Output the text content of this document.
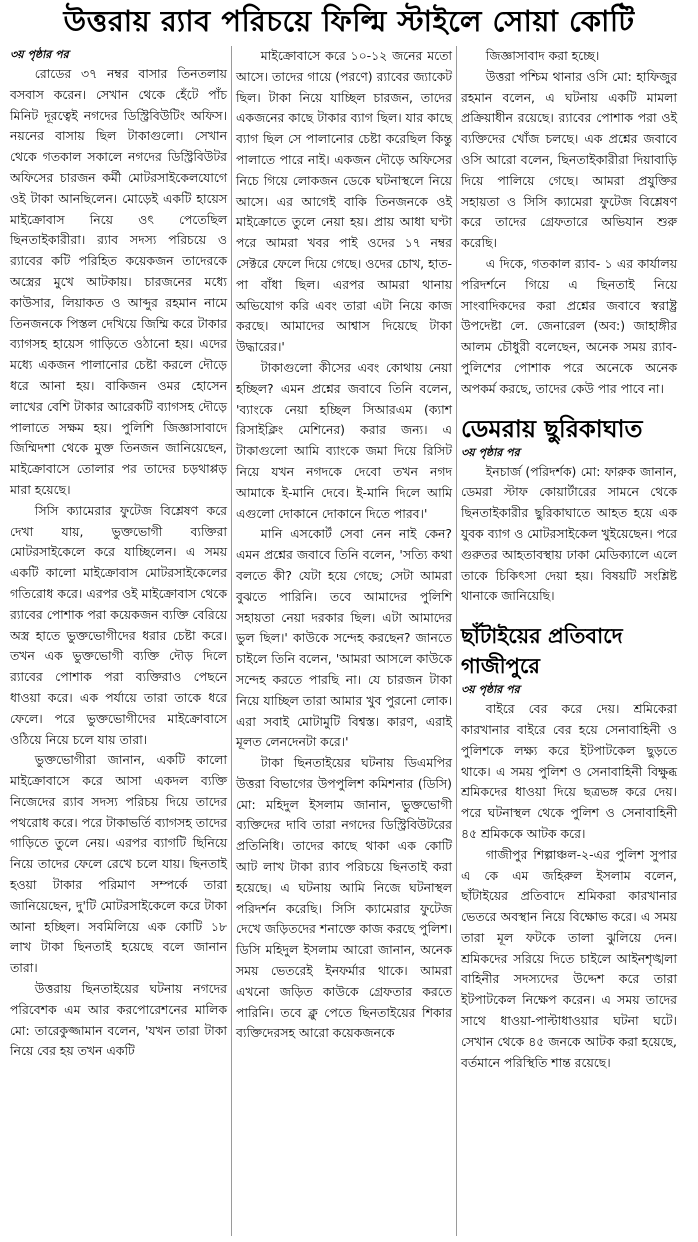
উত্তরায় র‍্যাব পরিচয়ে ফিল্মি স্টাইলে সোয়া কোটি
৩য় পৃষ্ঠার পর

রোডের ৩৭ নম্বর বাসার তিনতলায় বসবাস করেন। সেখান থেকে হেঁটে পাঁচ মিনিট দূরত্বেই নগদের ডিস্ট্রিবিউটিং অফিস। নয়নের বাসায় ছিল টাকাগুলো। সেখান থেকে গতকাল সকালে নগদের ডিস্ট্রিবিউটর অফিসের চারজন কর্মী মোটরসাইকেলযোগে ওই টাকা আনছিলেন। মোড়েই একটি হায়েস মাইক্রোবাস নিয়ে ওৎ পেতেছিল ছিনতাইকারীরা। র‍্যাব সদস্য পরিচয়ে ও র‍্যাবের কটি পরিহিত কয়েকজন তাদেরকে অস্ত্রের মুখে আটকায়। চারজনের মধ্যে কাউসার, লিয়াকত ও আব্দুর রহমান নামে তিনজনকে পিস্তল দেখিয়ে জিম্মি করে টাকার ব্যাগসহ হায়েস গাড়িতে ওঠানো হয়। এদের মধ্যে একজন পালানোর চেষ্টা করলে দৌড়ে ধরে আনা হয়। বাকিজন ওমর হোসেন লাখের বেশি টাকার আরেকটি ব্যাগসহ দৌড়ে পালাতে সক্ষম হয়। পুলিশি জিজ্ঞাসাবাদে জিম্মিদশা থেকে মুক্ত তিনজন জানিয়েছেন, মাইক্রোবাসে তোলার পর তাদের চড়থাপ্পড় মারা হয়েছে।

সিসি ক্যামেরার ফুটেজ বিশ্লেষণ করে দেখা যায়, ভুক্তভোগী ব্যক্তিরা মোটরসাইকেলে করে যাচ্ছিলেন। এ সময় একটি কালো মাইক্রোবাস মোটরসাইকেলের গতিরোধ করে। এরপর ওই মাইক্রোবাস থেকে র‍্যাবের পোশাক পরা কয়েকজন ব্যক্তি বেরিয়ে অস্ত্র হাতে ভুক্তভোগীদের ধরার চেষ্টা করে। তখন এক ভুক্তভোগী ব্যক্তি দৌড় দিলে র‍্যাবের পোশাক পরা ব্যক্তিরাও পেছনে ধাওয়া করে। এক পর্যায়ে তারা তাকে ধরে ফেলে। পরে ভুক্তভোগীদের মাইক্রোবাসে ওঠিয়ে নিয়ে চলে যায় তারা।

ভুক্তভোগীরা জানান, একটি কালো মাইক্রোবাসে করে আসা একদল ব্যক্তি নিজেদের র‍্যাব সদস্য পরিচয় দিয়ে তাদের পথরোধ করে। পরে টাকাভর্তি ব্যাগসহ তাদের গাড়িতে তুলে নেয়। এরপর ব্যাগটি ছিনিয়ে নিয়ে তাদের ফেলে রেখে চলে যায়। ছিনতাই হওয়া টাকার পরিমাণ সম্পর্কে তারা জানিয়েছেন, দু'টি মোটরসাইকেলে করে টাকা আনা হচ্ছিল। সবমিলিয়ে এক কোটি ১৮ লাখ টাকা ছিনতাই হয়েছে বলে জানান তারা।

উত্তরায় ছিনতাইয়ের ঘটনায় নগদের পরিবেশক এম আর করপোরেশনের মালিক মো: তারেকুজ্জামান বলেন, 'যখন তারা টাকা নিয়ে বের হয় তখন একটি

মাইক্রোবাসে করে ১০-১২ জনের মতো আসে। তাদের গায়ে (পরণে) র‍্যাবের জ্যাকেট ছিল। টাকা নিয়ে যাচ্ছিল চারজন, তাদের একজনের কাছে টাকার ব্যাগ ছিল। যার কাছে ব্যাগ ছিল সে পালানোর চেষ্টা করেছিল কিন্তু পালাতে পারে নাই। একজন দৌড়ে অফিসের নিচে গিয়ে লোকজন ডেকে ঘটনাস্থলে নিয়ে আসে। এর আগেই বাকি তিনজনকে ওই মাইক্রোতে তুলে নেয়া হয়। প্রায় আধা ঘণ্টা পরে আমরা খবর পাই ওদের ১৭ নম্বর সেক্টরে ফেলে দিয়ে গেছে। ওদের চোখ, হাত-পা বাঁধা ছিল। এরপর আমরা থানায় অভিযোগ করি এবং তারা এটা নিয়ে কাজ করছে। আমাদের আশ্বাস দিয়েছে টাকা উদ্ধারের।'

টাকাগুলো কীসের এবং কোথায় নেয়া হচ্ছিল? এমন প্রশ্নের জবাবে তিনি বলেন, 'ব্যাংকে নেয়া হচ্ছিল সিআরএম (ক্যাশ রিসাইক্লিং মেশিনের) করার জন্য। এ টাকাগুলো আমি ব্যাংকে জমা দিয়ে রিসিট নিয়ে যখন নগদকে দেবো তখন নগদ আমাকে ই-মানি দেবে। ই-মানি দিলে আমি এগুলো দোকানে দোকানে দিতে পারব।'

মানি এসকোর্ট সেবা নেন নাই কেন? এমন প্রশ্নের জবাবে তিনি বলেন, 'সত্যি কথা বলতে কী? যেটা হয়ে গেছে; সেটা আমরা বুঝতে পারিনি। তবে আমাদের পুলিশি সহায়তা নেয়া দরকার ছিল। এটা আমাদের ভুল ছিল।' কাউকে সন্দেহ করছেন? জানতে চাইলে তিনি বলেন, 'আমরা আসলে কাউকে সন্দেহ করতে পারছি না। যে চারজন টাকা নিয়ে যাচ্ছিল তারা আমার খুব পুরনো লোক। এরা সবাই মোটামুটি বিশ্বস্ত। কারণ, এরাই মূলত লেনদেনটা করে।'

টাকা ছিনতাইয়ের ঘটনায় ডিএমপির উত্তরা বিভাগের উপপুলিশ কমিশনার (ডিসি) মো: মহিদুল ইসলাম জানান, ভুক্তভোগী ব্যক্তিদের দাবি তারা নগদের ডিস্ট্রিবিউটরের প্রতিনিধি। তাদের কাছে থাকা এক কোটি আট লাখ টাকা র‍্যাব পরিচয়ে ছিনতাই করা হয়েছে। এ ঘটনায় আমি নিজে ঘটনাস্থল পরিদর্শন করেছি। সিসি ক্যামেরার ফুটেজ দেখে জড়িতদের শনাক্তে কাজ করছে পুলিশ। ডিসি মহিদুল ইসলাম আরো জানান, অনেক সময় ভেতরেই ইনফর্মার থাকে। আমরা এখনো জড়িত কাউকে গ্রেফতার করতে পারিনি। তবে ক্লু পেতে ছিনতাইয়ের শিকার ব্যক্তিদেরসহ আরো কয়েকজনকে

জিজ্ঞাসাবাদ করা হচ্ছে।

উত্তরা পশ্চিম থানার ওসি মো: হাফিজুর রহমান বলেন, এ ঘটনায় একটি মামলা প্রক্রিয়াধীন রয়েছে। র‍্যাবের পোশাক পরা ওই ব্যক্তিদের খোঁজ চলছে। এক প্রশ্নের জবাবে ওসি আরো বলেন, ছিনতাইকারীরা দিয়াবাড়ি দিয়ে পালিয়ে গেছে। আমরা প্রযুক্তির সহায়তা ও সিসি ক্যামেরা ফুটেজ বিশ্লেষণ করে তাদের গ্রেফতারে অভিযান শুরু করেছি।

এ দিকে, গতকাল র‍্যাব- ১ এর কার্যালয় পরিদর্শনে গিয়ে এ ছিনতাই নিয়ে সাংবাদিকদের করা প্রশ্নের জবাবে স্বরাষ্ট্র উপদেষ্টা লে. জেনারেল (অব:) জাহাঙ্গীর আলম চৌধুরী বলেছেন, অনেক সময় র‍্যাব-পুলিশের পোশাক পরে অনেকে অনেক অপকর্ম করছে, তাদের কেউ পার পাবে না।

ডেমরায় ছুরিকাঘাত
৩য় পৃষ্ঠার পর

ইনচার্জ (পরিদর্শক) মো: ফারুক জানান, ডেমরা স্টাফ কোয়ার্টারের সামনে থেকে ছিনতাইকারীর ছুরিকাঘাতে আহত হয়ে এক যুবক ব্যাগ ও মোটরসাইকেল খুইয়েছেন। পরে গুরুতর আহতাবস্থায় ঢাকা মেডিক্যালে এলে তাকে চিকিৎসা দেয়া হয়। বিষয়টি সংশ্লিষ্ট থানাকে জানিয়েছি।

ছাঁটাইয়ের প্রতিবাদে গাজীপুরে
৩য় পৃষ্ঠার পর

বাইরে বের করে দেয়। শ্রমিকেরা কারখানার বাইরে বের হয়ে সেনাবাহিনী ও পুলিশকে লক্ষ্য করে ইটপাটকেল ছুড়তে থাকে। এ সময় পুলিশ ও সেনাবাহিনী বিক্ষুব্ধ শ্রমিকদের ধাওয়া দিয়ে ছত্রভঙ্গ করে দেয়। পরে ঘটনাস্থল থেকে পুলিশ ও সেনাবাহিনী ৪৫ শ্রমিককে আটক করে।

গাজীপুর শিল্পাঞ্চল-২-এর পুলিশ সুপার এ কে এম জহিরুল ইসলাম বলেন, ছাঁটাইয়ের প্রতিবাদে শ্রমিকরা কারখানার ভেতরে অবস্থান নিয়ে বিক্ষোভ করে। এ সময় তারা মূল ফটকে তালা ঝুলিয়ে দেন। শ্রমিকদের সরিয়ে দিতে চাইলে আইনশৃঙ্খলা বাহিনীর সদস্যদের উদ্দেশ করে তারা ইটপাটকেল নিক্ষেপ করেন। এ সময় তাদের সাথে ধাওয়া-পাল্টাধাওয়ার ঘটনা ঘটে। সেখান থেকে ৪৫ জনকে আটক করা হয়েছে, বর্তমানে পরিস্থিতি শান্ত রয়েছে।
